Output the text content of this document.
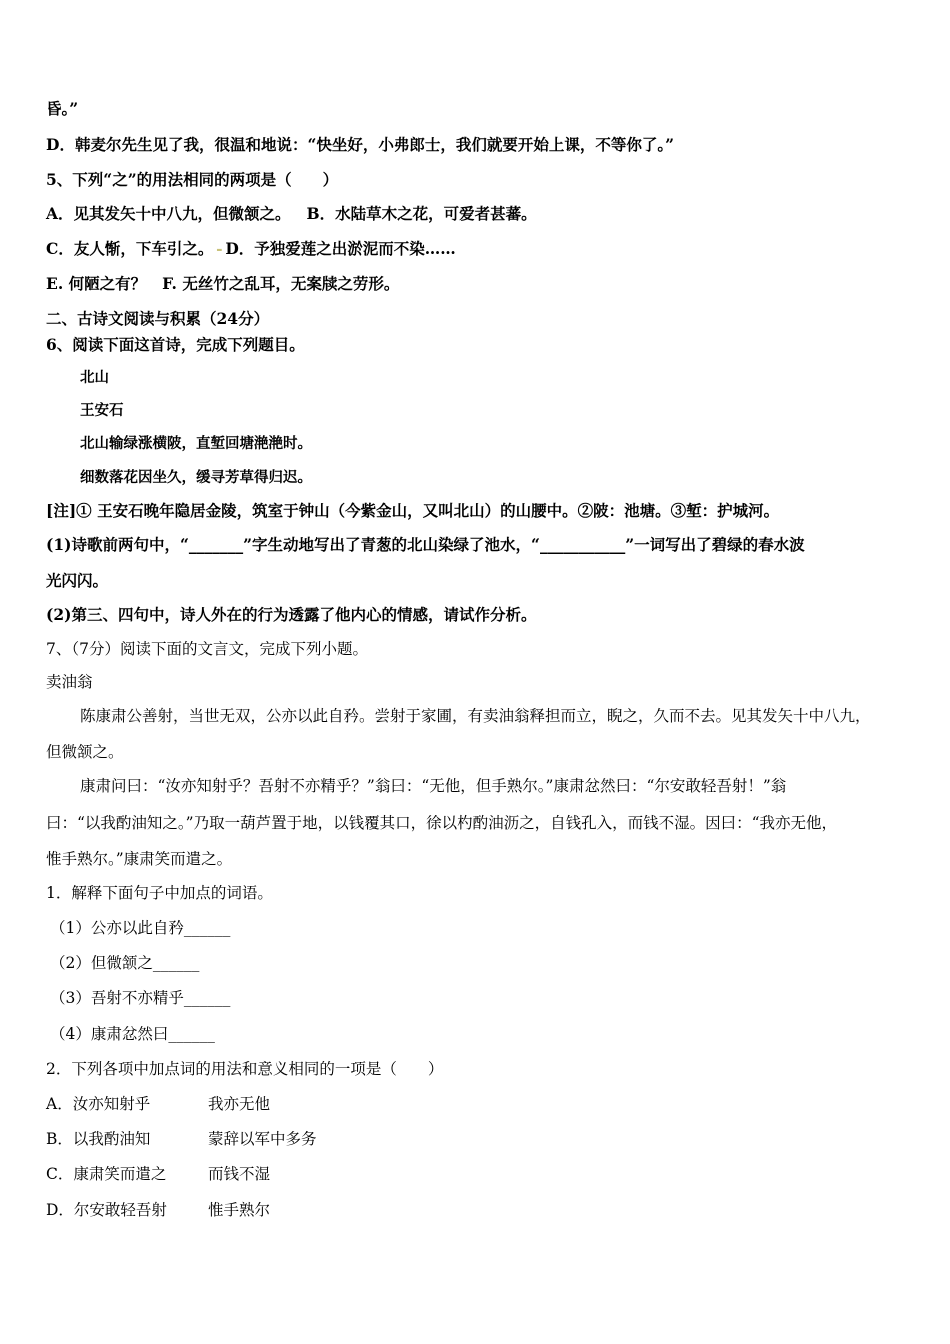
昏。”
D．韩麦尔先生见了我，很温和地说：“快坐好，小弗郎士，我们就要开始上课，不等你了。”
5、下列“之”的用法相同的两项是（　　）
A．见其发矢十中八九，但微颔之。 B．水陆草木之花，可爱者甚蕃。
C．友人惭，下车引之。 - D．予独爱莲之出淤泥而不染……
E. 何陋之有？ F. 无丝竹之乱耳，无案牍之劳形。
二、古诗文阅读与积累（24分）
6、阅读下面这首诗，完成下列题目。
北山
王安石
北山输绿涨横陂，直堑回塘滟滟时。
细数落花因坐久，缓寻芳草得归迟。
[注]① 王安石晚年隐居金陵，筑室于钟山（今紫金山，又叫北山）的山腰中。②陂：池塘。③堑：护城河。
(1)诗歌前两句中，“_______”字生动地写出了青葱的北山染绿了池水，“___________”一词写出了碧绿的春水波
光闪闪。
(2)第三、四句中，诗人外在的行为透露了他内心的情感，请试作分析。
7、（7分）阅读下面的文言文，完成下列小题。
卖油翁
陈康肃公善射，当世无双，公亦以此自矜。尝射于家圃，有卖油翁释担而立，睨之，久而不去。见其发矢十中八九，
但微颔之。
康肃问曰：“汝亦知射乎？吾射不亦精乎？”翁曰：“无他，但手熟尔。”康肃忿然曰：“尔安敢轻吾射！”翁
曰：“以我酌油知之。”乃取一葫芦置于地，以钱覆其口，徐以杓酌油沥之，自钱孔入，而钱不湿。因曰：“我亦无他，
惟手熟尔。”康肃笑而遣之。
1．解释下面句子中加点的词语。
（1）公亦以此自矜______
（2）但微颔之______
（3）吾射不亦精乎______
（4）康肃忿然曰______
2．下列各项中加点词的用法和意义相同的一项是（　　）
A．汝亦知射乎	我亦无他
B．以我酌油知	蒙辞以军中多务
C．康肃笑而遣之	而钱不湿
D．尔安敢轻吾射	惟手熟尔
